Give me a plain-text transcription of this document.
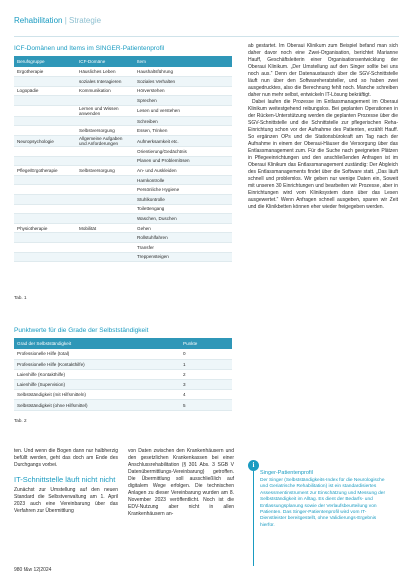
Rehabilitation | Strategie
ICF-Domänen und Items im SINGER-Patientenprofil
Berufsgruppe	ICF-Domäne	Item
Ergotherapie	Häusliches Leben	Haushaltsführung
	soziales Interagieren	Soziales Verhalten
Logopädie	Kommunikation	Hörverstehen
		Sprechen
	Lernen und Wissen anwenden	Lesen und verstehen
		Schreiben
	Selbstversorgung	Essen, Trinken
Neuropsychologie	Allgemeine Aufgaben und Anforderungen	Aufmerksamkeit etc.
		Orientierung/Gedächtnis
		Planen und Problemlösen
Pflege/Ergotherapie	Selbstversorgung	An- und Auskleiden
		Harnkontrolle
		Persönliche Hygiene
		Stuhlkontrolle
		Toilettengang
		Waschen, Duschen
Physiotherapie	Mobilität	Gehen
		Rollstuhlfahren
		Transfer
		Treppensteigen
Tab. 1
Punktwerte für die Grade der Selbstständigkeit
Grad der Selbstständigkeit	Punkte
Professionelle Hilfe (total)	0
Professionelle Hilfe (Kontakthilfe)	1
Laienhilfe (Kontakthilfe)	2
Laienhilfe (Supervision)	3
Selbstständigkeit (mit Hilfsmitteln)	4
Selbstständigkeit (ohne Hilfsmittel)	5
Tab. 2

ab gestartet. Im Oberaui Klinikum zum Beispiel befand man sich daher davor noch eine Zwei-Organisation, berichtet Marianne Hauff, Geschäftsleiterin einer Organisationsentwicklung der Oberaui Klinikum. „Der Umstellung auf den Singer sollte bei uns noch aus.“ Denn der Datenaustausch über die SGV-Schnittstelle läuft nun über den Softwareheratsteller, und so haben zwei ausgedrucktes, also die Berechnung fehlt noch. Manche schreiben daher nun mehr selbst, entwickeln IT-Lösung bekräftigt.

Dabei laufen die Prozesse im Entlassmanagement im Oberaui Klinikum weitestgehend reibungslos. Bei geplanten Operationen in der Rücken-Unterstützung werden die geplanten Prozesse über die SGV-Schnittstelle und die Schnittstelle zur pflegerischen Reha-Einrichtung schon vor der Aufnahme des Patienten, erzählt Hauff. So ergänzen OPs und die Stationsbürokraft am Tag nach der Aufnahme in einem der Oberaui-Häuser die Versorgung über das Entlassmanagement zum. Für die Suche nach geeigneten Plätzen in Pflegeeinrichtungen und den anschließenden Anfragen ist im Oberaui Klinikum das Entlassmanagement zuständig: Der Abgleich des Entlassmanagements findet über die Software statt. „Das läuft schnell und problemlos. Wir geben nur wenige Daten ein, Soweit mit unseren 30 Einrichtungen und bearbeiten wir Prozesse, aber in Einrichtungen wird vom Kliniksystem dann über das Lesen ausgewertet.“ Wenn Anfragen schnell ausgeben, sparen wir Zeit und die Klinikbetten können eher wieder freigegeben werden.

i
Singer-Patientenprofil
Der Singer (Selbstständigkeits-Index für die Neurologische und Geriatrische Rehabilitation) ist ein standardisiertes Assessmentinstrument zur Einschätzung und Messung der Selbstständigkeit im Alltag. Es dient der Bedarfs- und Entlassungsplanung sowie der Verlaufsbeurteilung von Patienten. Das Singer-Patientenprofil wird vom IT-Dienstleister bereitgestellt, ohne Validierungs-Ergebnis hierfür.

ten. Und wenn die Bogen dann nur halbherzig befüllt werden, geht das doch am Ende des Durchgangs vorbei.

IT-Schnittstelle läuft nicht nicht

Zunächst zur Umstellung auf den neuen Standard die Selbstverwaltung am 1. April 2023 auch eine Vereinbarung über das Verfahren zur Übermittlung

von Daten zwischen den Krankenhäusern und den gesetzlichen Krankenkassen bei einer Anschlussrehabilitation (§ 301 Abs. 3 SGB V Datenübermittlungs-Vereinbarung) getroffen. Die Übermittlung soll ausschließlich auf digitalem Wege erfolgen. Die technischen Anlagen zu dieser Vereinbarung wurden am 8. November 2023 veröffentlicht. Noch ist die EDV-Nutzung aber nicht in allen Krankenhäusern an-

980 f&w 12|2024
